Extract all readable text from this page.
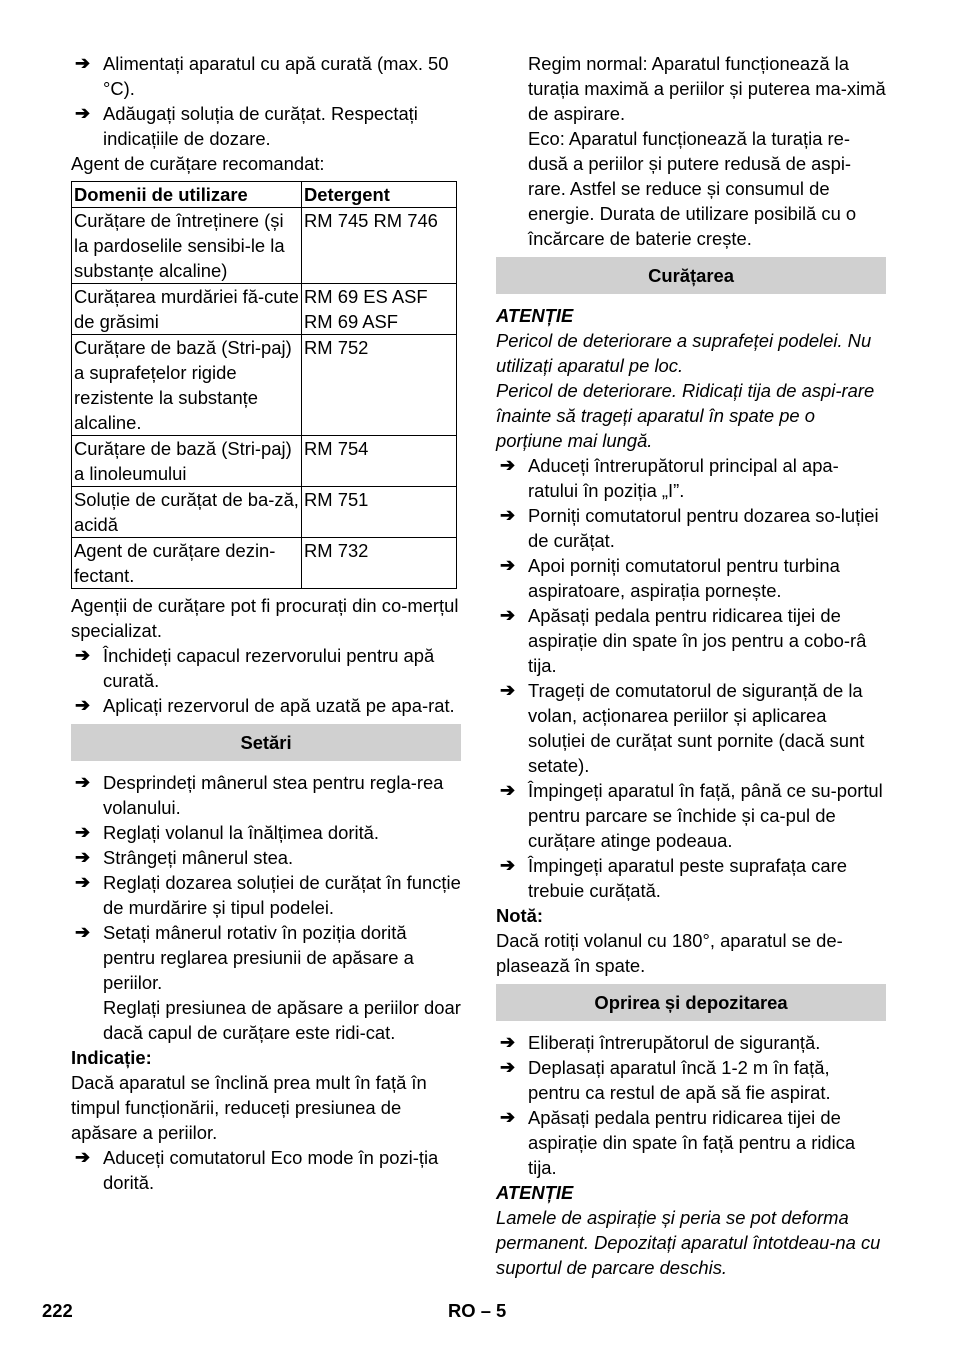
➔ Alimentați aparatul cu apă curată (max. 50 °C).
➔ Adăugați soluția de curățat. Respectați indicațiile de dozare.
Agent de curățare recomandat:
Domenii de utilizare	Detergent
Curățare de întreținere (și la pardoselile sensibi-le la substanțe alcaline)	RM 745 RM 746
Curățarea murdăriei fă-cute de grăsimi	RM 69 ES ASF RM 69 ASF
Curățare de bază (Stri-paj) a suprafețelor rigide rezistente la substanțe alcaline.	RM 752
Curățare de bază (Stri-paj) a linoleumului	RM 754
Soluție de curățat de ba-ză, acidă	RM 751
Agent de curățare dezin-fectant.	RM 732
Agenții de curățare pot fi procurați din co-merțul specializat.
➔ Închideți capacul rezervorului pentru apă curată.
➔ Aplicați rezervorul de apă uzată pe apa-rat.
Setări
➔ Desprindeți mânerul stea pentru regla-rea volanului.
➔ Reglați volanul la înălțimea dorită.
➔ Strângeți mânerul stea.
➔ Reglați dozarea soluției de curățat în funcție de murdărire și tipul podelei.
➔ Setați mânerul rotativ în poziția dorită pentru reglarea presiunii de apăsare a periilor.
Reglați presiunea de apăsare a periilor doar dacă capul de curățare este ridi-cat.
Indicație:
Dacă aparatul se înclină prea mult în față în timpul funcționării, reduceți presiunea de apăsare a periilor.
➔ Aduceți comutatorul Eco mode în pozi-ția dorită.
Regim normal: Aparatul funcționează la turația maximă a periilor și puterea ma-ximă de aspirare.
Eco: Aparatul funcționează la turația re-dusă a periilor și putere redusă de aspi-rare. Astfel se reduce și consumul de energie. Durata de utilizare posibilă cu o încărcare de baterie crește.
Curățarea
ATENȚIE
Pericol de deteriorare a suprafeței podelei. Nu utilizați aparatul pe loc.
Pericol de deteriorare. Ridicați tija de aspi-rare înainte să trageți aparatul în spate pe o porțiune mai lungă.
➔ Aduceți întrerupătorul principal al apa-ratului în poziția „I”.
➔ Porniți comutatorul pentru dozarea so-luției de curățat.
➔ Apoi porniți comutatorul pentru turbina aspiratoare, aspirația pornește.
➔ Apăsați pedala pentru ridicarea tijei de aspirație din spate în jos pentru a cobo-râ tija.
➔ Trageți de comutatorul de siguranță de la volan, acționarea periilor și aplicarea soluției de curățat sunt pornite (dacă sunt setate).
➔ Împingeți aparatul în față, până ce su-portul pentru parcare se închide și ca-pul de curățare atinge podeaua.
➔ Împingeți aparatul peste suprafața care trebuie curățată.
Notă:
Dacă rotiți volanul cu 180°, aparatul se de-plasează în spate.
Oprirea și depozitarea
➔ Eliberați întrerupătorul de siguranță.
➔ Deplasați aparatul încă 1-2 m în față, pentru ca restul de apă să fie aspirat.
➔ Apăsați pedala pentru ridicarea tijei de aspirație din spate în față pentru a ridica tija.
ATENȚIE
Lamele de aspirație și peria se pot deforma permanent. Depozitați aparatul întotdeau-na cu suportul de parcare deschis.
222	RO – 5
